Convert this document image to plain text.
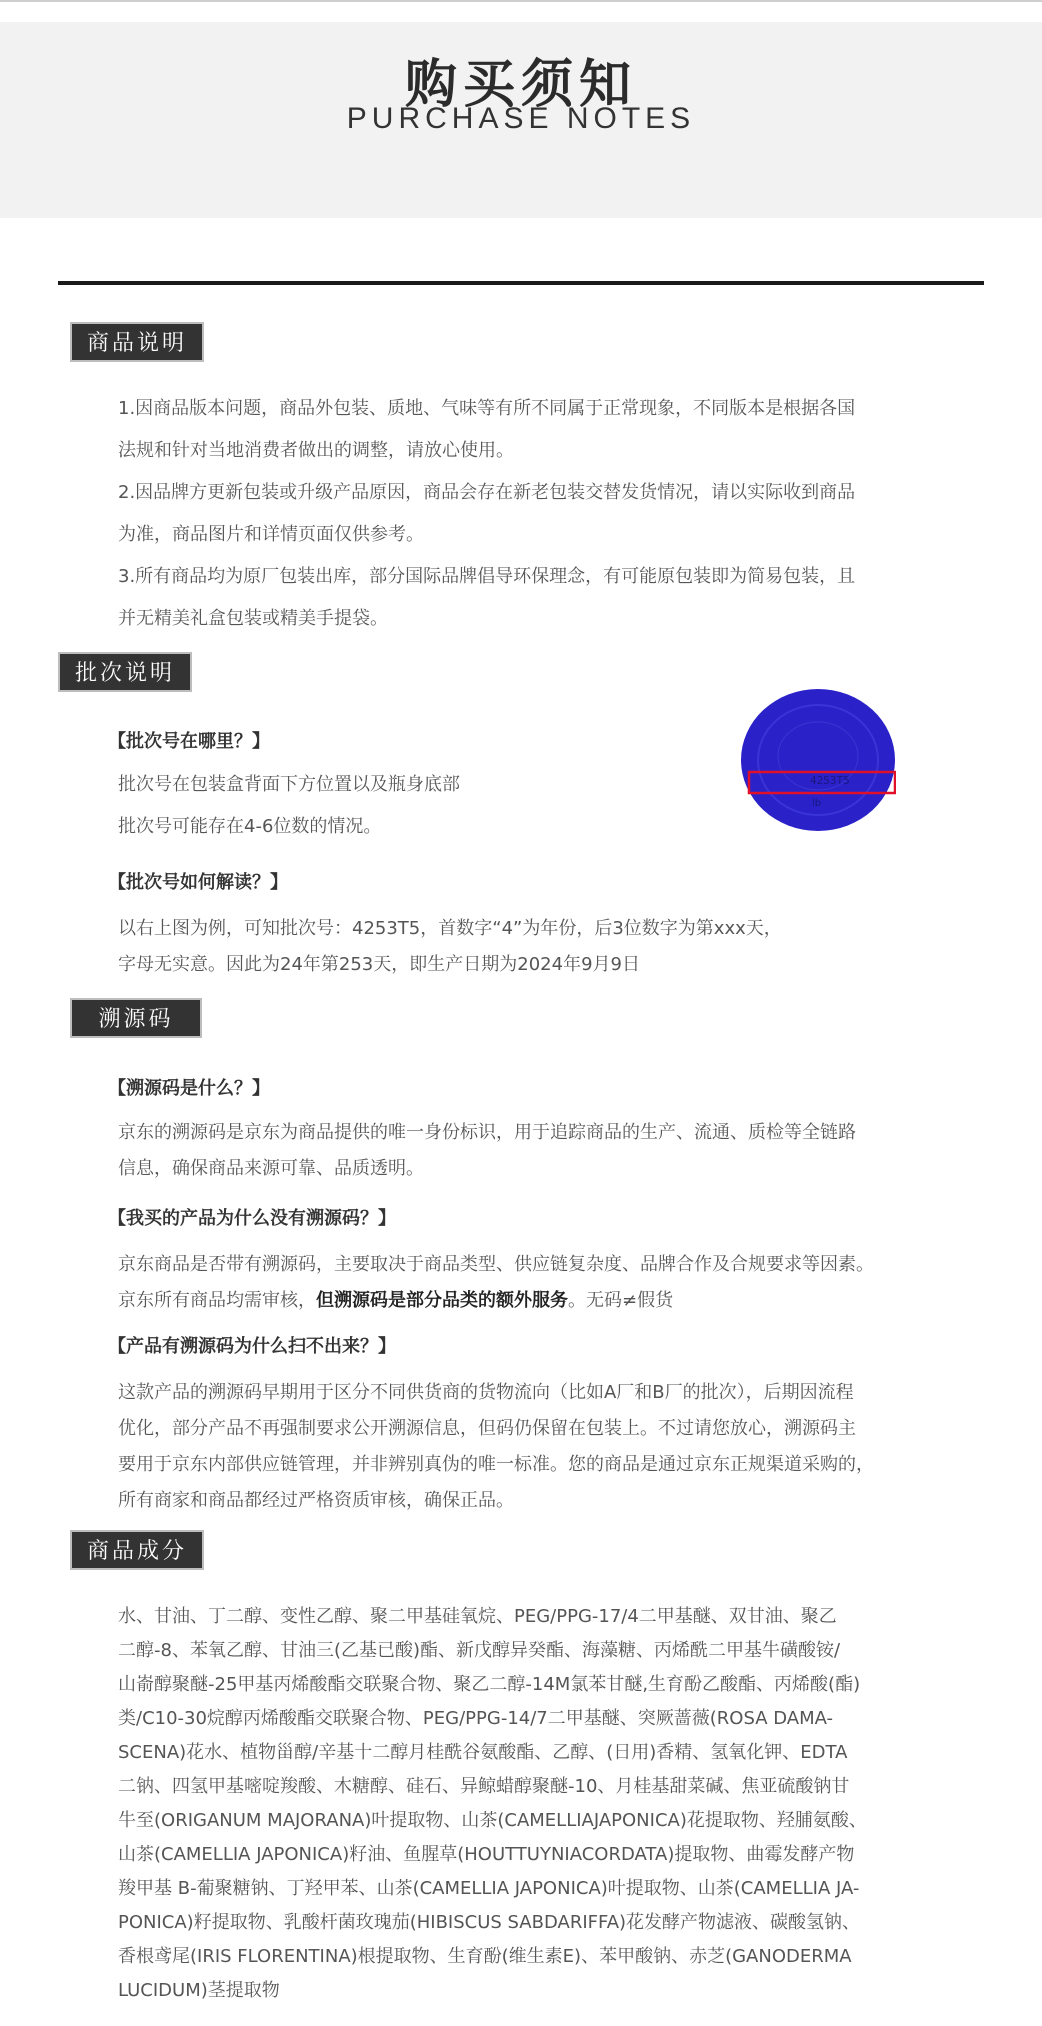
购买须知
PURCHASE NOTES
商品说明
1.因商品版本问题，商品外包装、质地、气味等有所不同属于正常现象，不同版本是根据各国
法规和针对当地消费者做出的调整，请放心使用。
2.因品牌方更新包装或升级产品原因，商品会存在新老包装交替发货情况，请以实际收到商品
为准，商品图片和详情页面仅供参考。
3.所有商品均为原厂包装出库，部分国际品牌倡导环保理念，有可能原包装即为简易包装，且
并无精美礼盒包装或精美手提袋。
批次说明
【批次号在哪里？】
批次号在包装盒背面下方位置以及瓶身底部
批次号可能存在4-6位数的情况。
【批次号如何解读？】
以右上图为例，可知批次号：4253T5，首数字“4”为年份，后3位数字为第xxx天，
字母无实意。因此为24年第253天，即生产日期为2024年9月9日
4253T5
lb
溯源码
【溯源码是什么？】
京东的溯源码是京东为商品提供的唯一身份标识，用于追踪商品的生产、流通、质检等全链路
信息，确保商品来源可靠、品质透明。
【我买的产品为什么没有溯源码？】
京东商品是否带有溯源码，主要取决于商品类型、供应链复杂度、品牌合作及合规要求等因素。
京东所有商品均需审核，但溯源码是部分品类的额外服务。无码≠假货
【产品有溯源码为什么扫不出来？】
这款产品的溯源码早期用于区分不同供货商的货物流向（比如A厂和B厂的批次），后期因流程
优化，部分产品不再强制要求公开溯源信息，但码仍保留在包装上。不过请您放心，溯源码主
要用于京东内部供应链管理，并非辨别真伪的唯一标准。您的商品是通过京东正规渠道采购的，
所有商家和商品都经过严格资质审核，确保正品。
商品成分
水、甘油、丁二醇、变性乙醇、聚二甲基硅氧烷、PEG/PPG-17/4二甲基醚、双甘油、聚乙
二醇-8、苯氧乙醇、甘油三(乙基已酸)酯、新戊醇异癸酯、海藻糖、丙烯酰二甲基牛磺酸铵/
山嵛醇聚醚-25甲基丙烯酸酯交联聚合物、聚乙二醇-14M氯苯甘醚,生育酚乙酸酯、丙烯酸(酯)
类/C10-30烷醇丙烯酸酯交联聚合物、PEG/PPG-14/7二甲基醚、突厥蔷薇(ROSA DAMA-
SCENA)花水、植物甾醇/辛基十二醇月桂酰谷氨酸酯、乙醇、(日用)香精、氢氧化钾、EDTA
二钠、四氢甲基嘧啶羧酸、木糖醇、硅石、异鲸蜡醇聚醚-10、月桂基甜菜碱、焦亚硫酸钠甘
牛至(ORIGANUM MAJORANA)叶提取物、山茶(CAMELLIAJAPONICA)花提取物、羟脯氨酸、
山茶(CAMELLIA JAPONICA)籽油、鱼腥草(HOUTTUYNIACORDATA)提取物、曲霉发酵产物
羧甲基 B-葡聚糖钠、丁羟甲苯、山茶(CAMELLIA JAPONICA)叶提取物、山茶(CAMELLIA JA-
PONICA)籽提取物、乳酸杆菌玫瑰茄(HIBISCUS SABDARIFFA)花发酵产物滤液、碳酸氢钠、
香根鸢尾(IRIS FLORENTINA)根提取物、生育酚(维生素E)、苯甲酸钠、赤芝(GANODERMA
LUCIDUM)茎提取物
